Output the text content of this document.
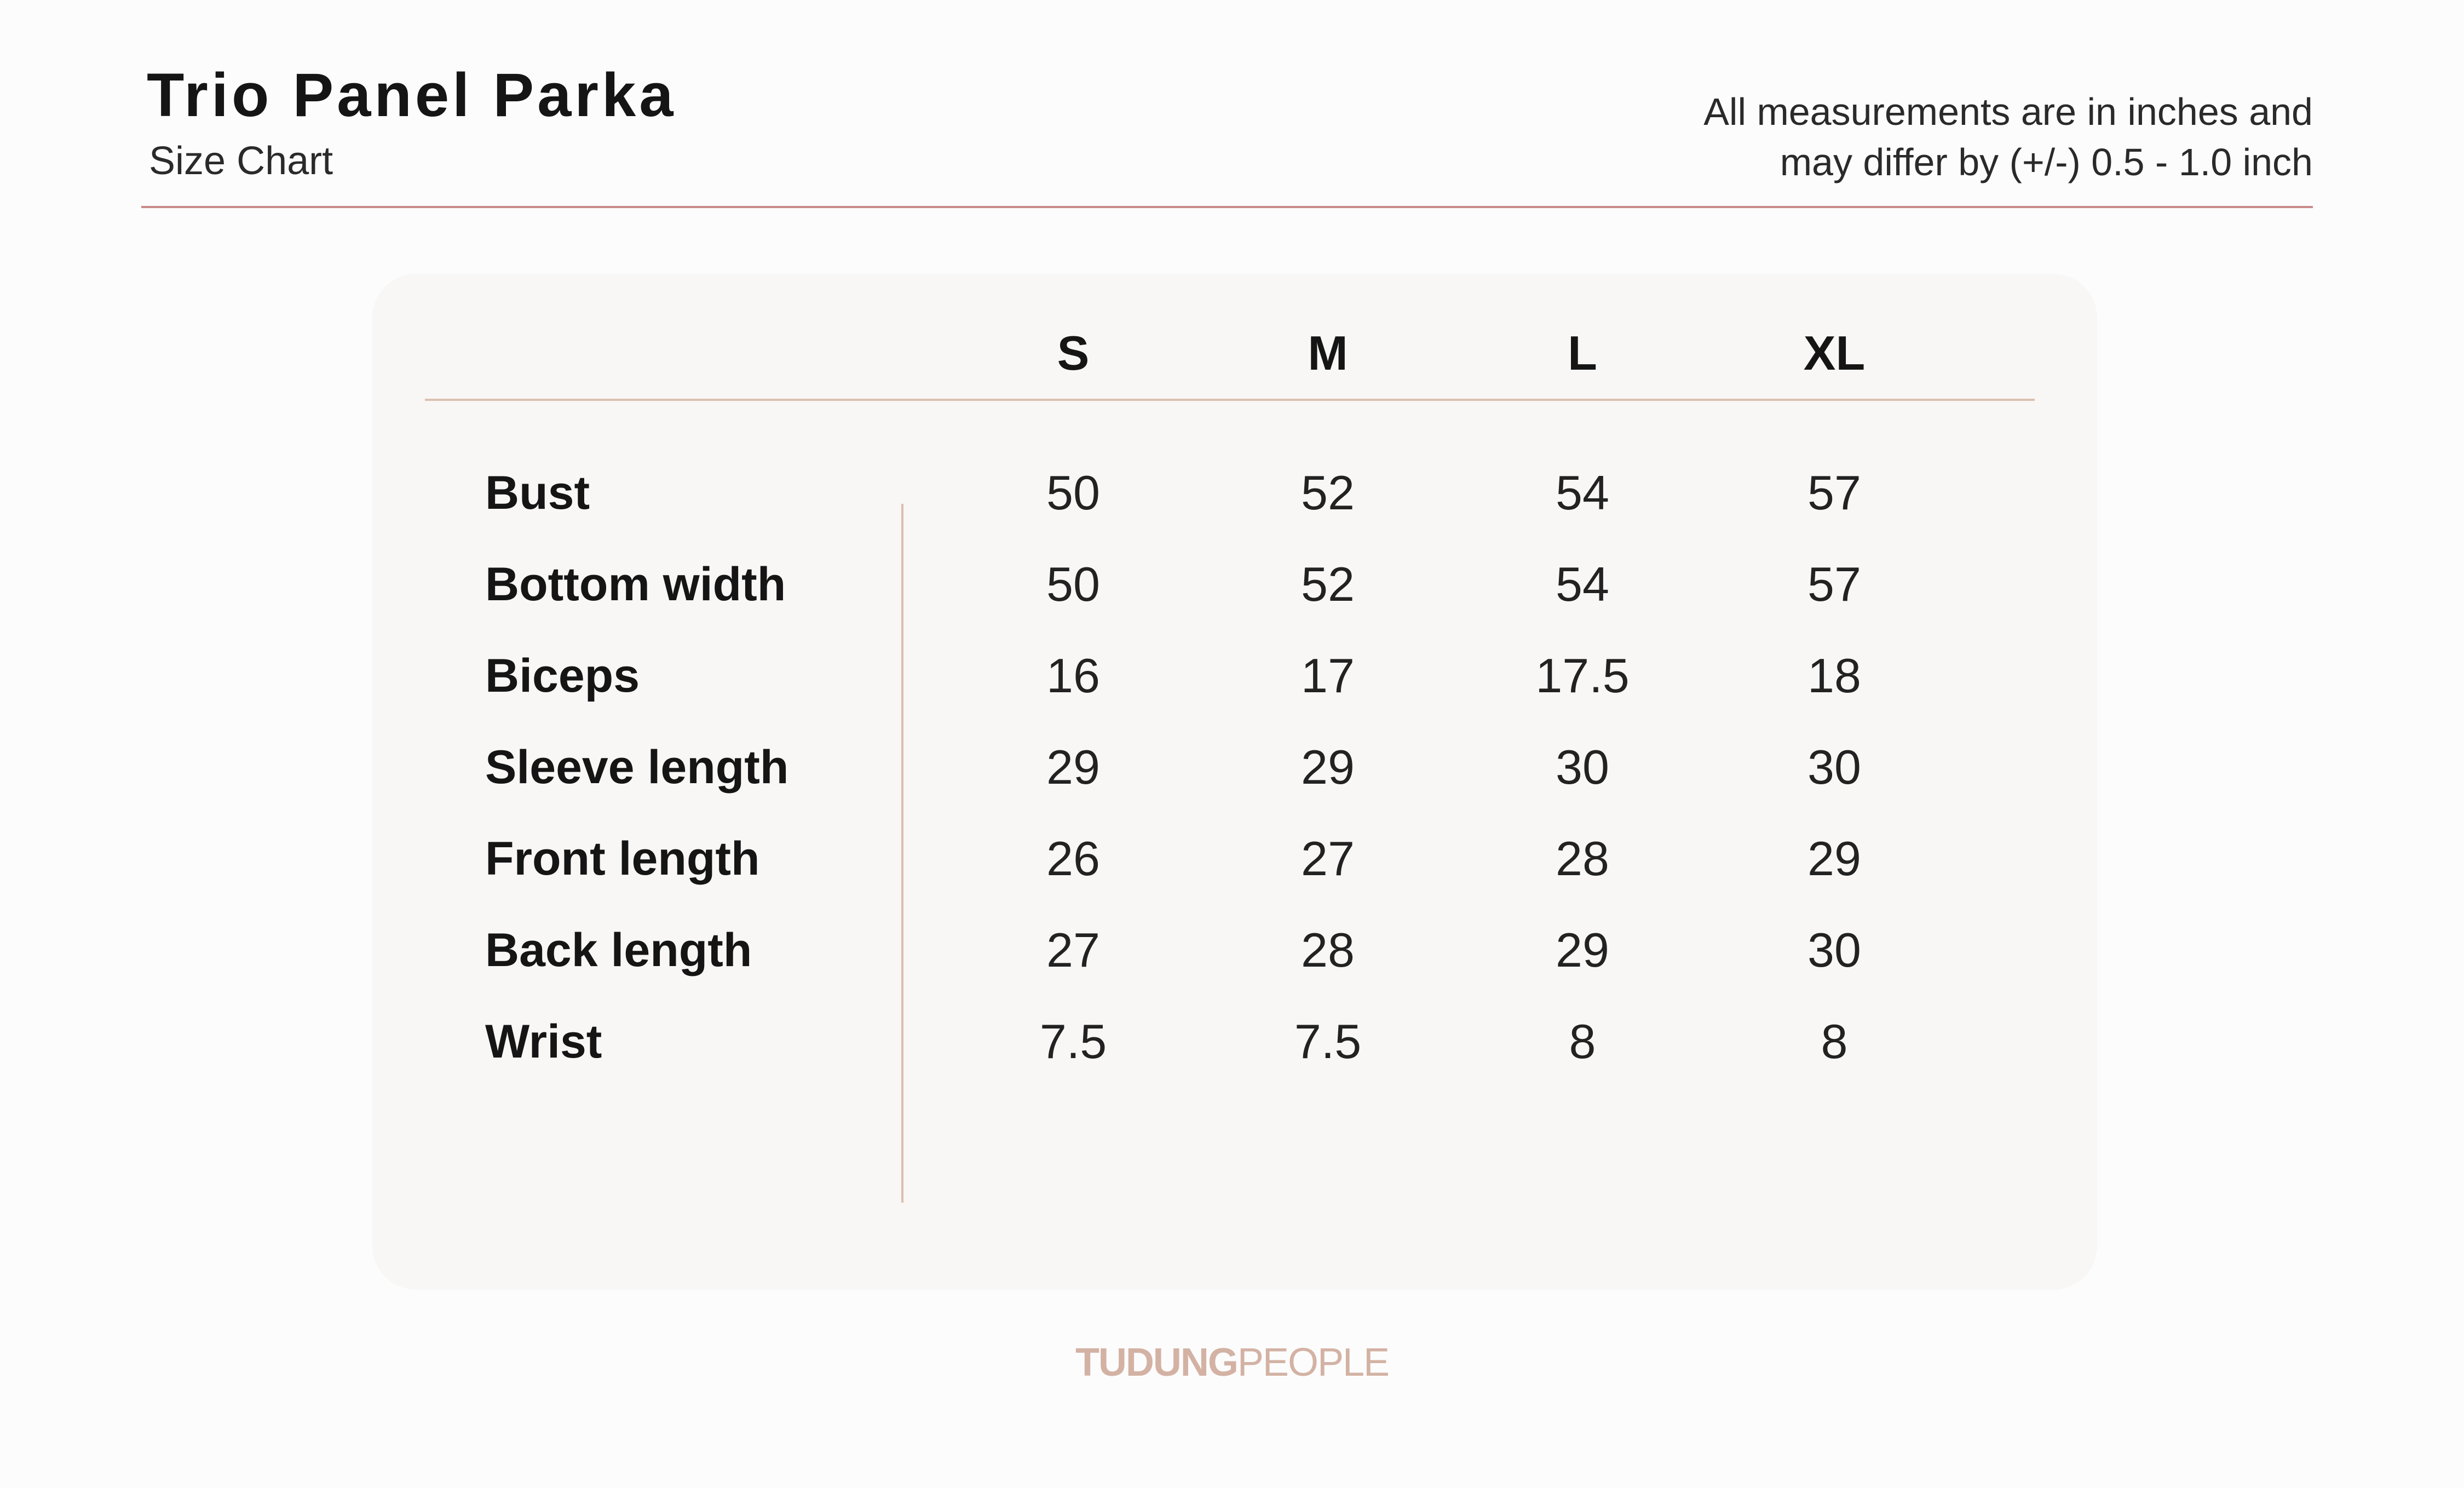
Trio Panel Parka
Size Chart
All measurements are in inches and
may differ by (+/-) 0.5 - 1.0 inch
S	M	L	XL
Bust	50	52	54	57
Bottom width	50	52	54	57
Biceps	16	17	17.5	18
Sleeve length	29	29	30	30
Front length	26	27	28	29
Back length	27	28	29	30
Wrist	7.5	7.5	8	8
TUDUNGPEOPLE
